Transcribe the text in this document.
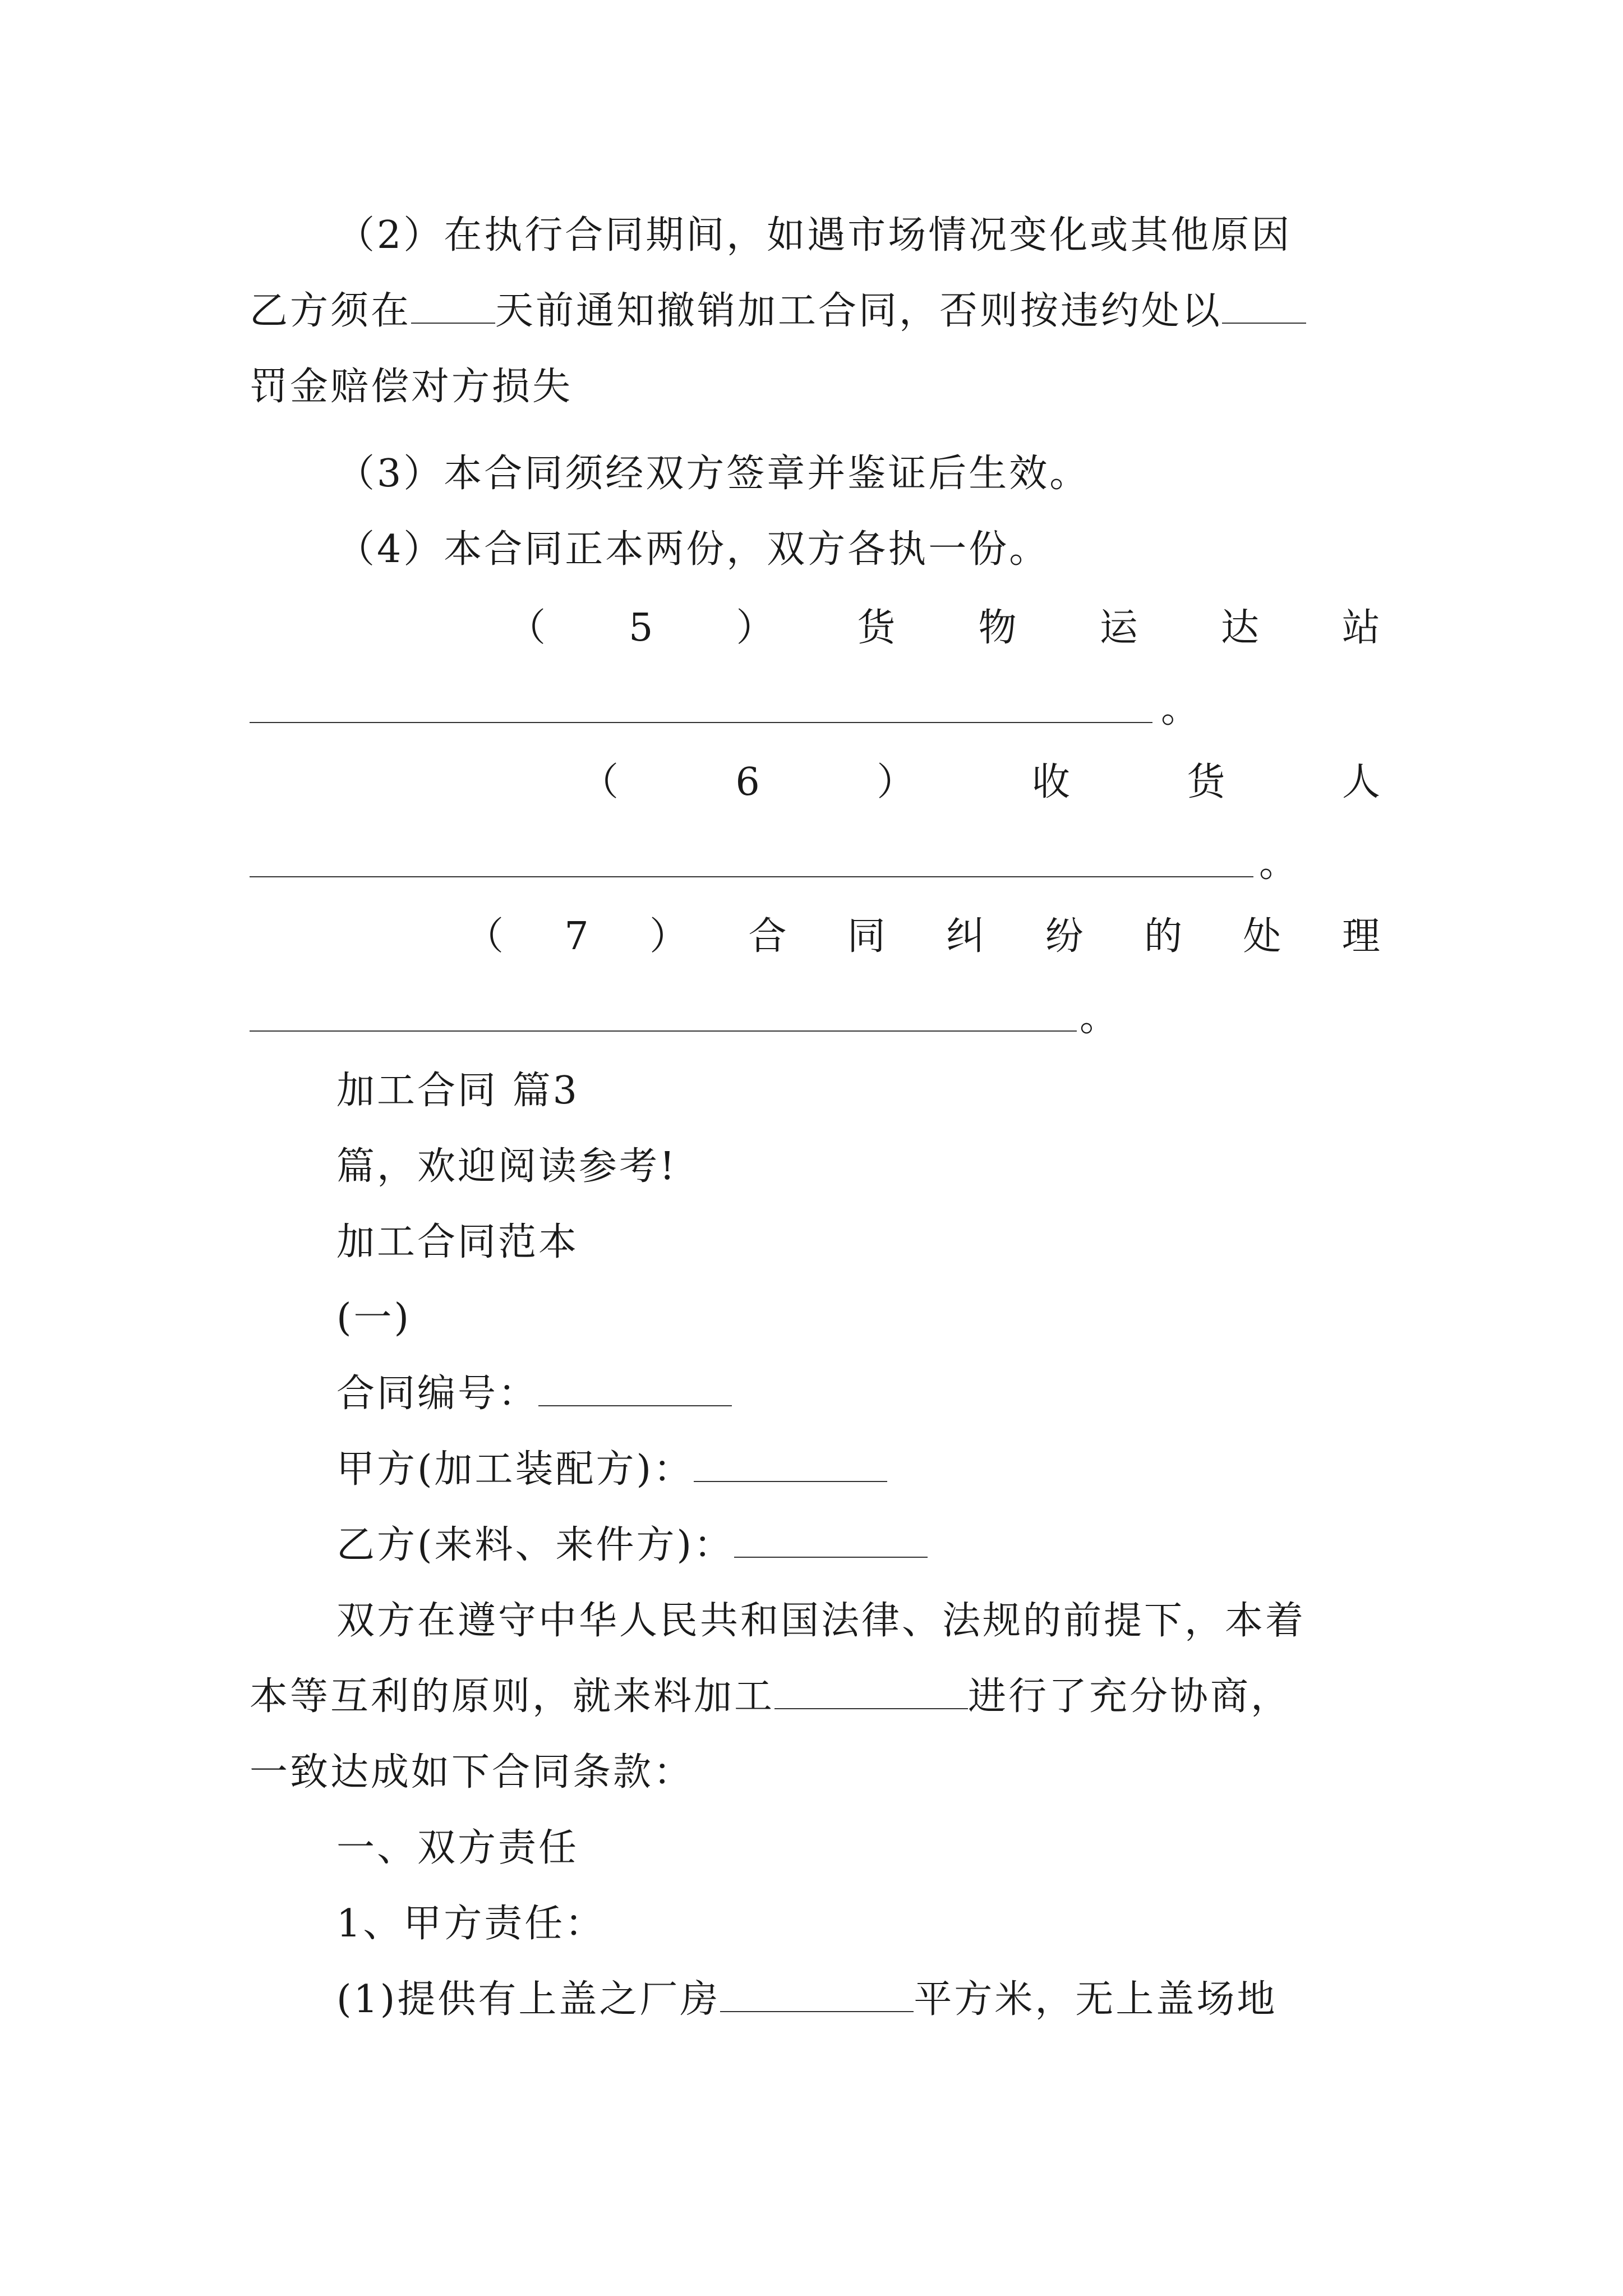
（2）在执行合同期间，如遇市场情况变化或其他原因
乙方须在 天前通知撤销加工合同，否则按违约处以
罚金赔偿对方损失
（3）本合同须经双方签章并鉴证后生效。
（4）本合同正本两份，双方各执一份。
（ 5 ） 货 物 运 达 站
。
（	6	）	收	货	人
。
（ 7 ） 合 同 纠 纷 的 处 理
。
加工合同 篇3
篇，欢迎阅读参考!
加工合同范本
(一)
合同编号：
甲方(加工装配方)：
乙方(来料、来件方)：
双方在遵守中华人民共和国法律、法规的前提下，本着
本等互利的原则，就来料加工	进行了充分协商，
一致达成如下合同条款：
一、双方责任
1、甲方责任：
(1)提供有上盖之厂房	平方米，无上盖场地
